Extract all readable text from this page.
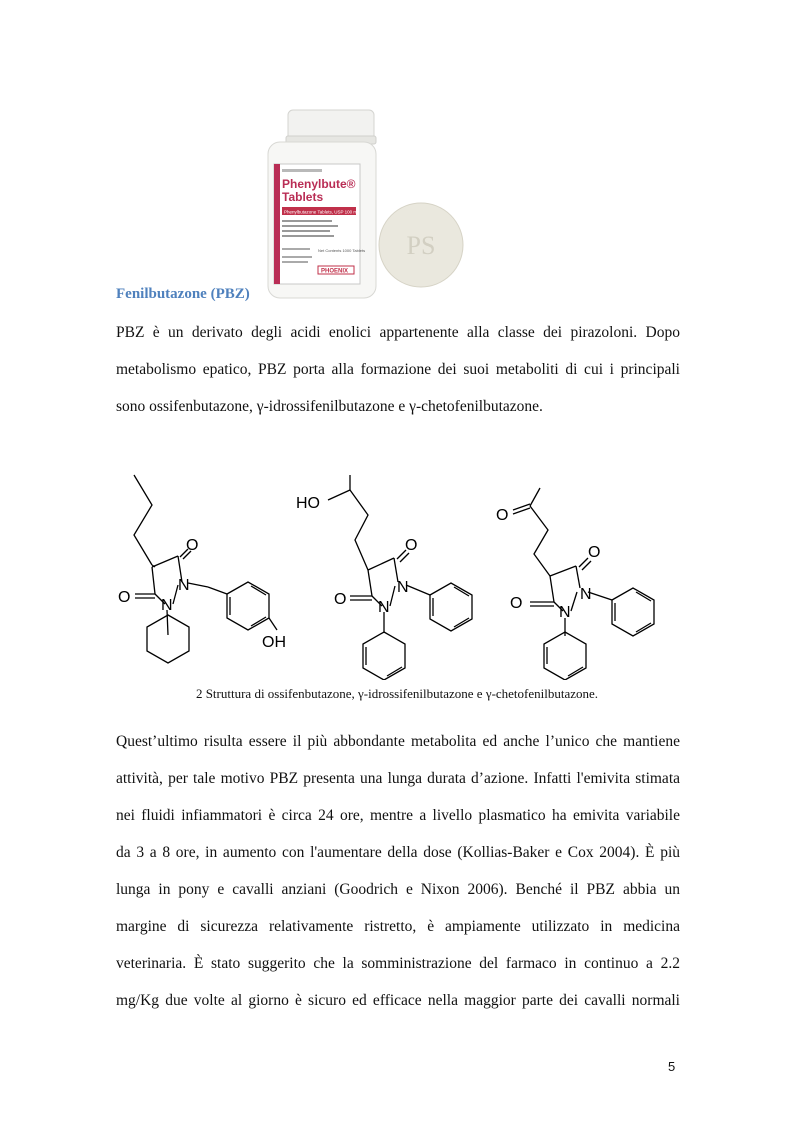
Phenylbute®
Tablets
Phenylbutazone Tablets, USP 100 mg
Net Contents 1000 Tablets
PHOENIX
PS
Fenilbutazone (PBZ)
PBZ è un derivato degli acidi enolici appartenente alla classe dei pirazoloni. Dopo
metabolismo epatico, PBZ porta alla formazione dei suoi metaboliti di cui i principali
sono ossifenbutazone, γ-idrossifenilbutazone e γ-chetofenilbutazone.
O
N
O N
OH
HO
O
N
O N
O
O
N
O
N
2 Struttura di ossifenbutazone, γ-idrossifenilbutazone e γ-chetofenilbutazone.
Quest’ultimo risulta essere il più abbondante metabolita ed anche l’unico che mantiene
attività, per tale motivo PBZ presenta una lunga durata d’azione. Infatti l'emivita stimata
nei fluidi infiammatori è circa 24 ore, mentre a livello plasmatico ha emivita variabile
da 3 a 8 ore, in aumento con l'aumentare della dose (Kollias-Baker e Cox 2004). È più
lunga in pony e cavalli anziani (Goodrich e Nixon 2006). Benché il PBZ abbia un
margine di sicurezza relativamente ristretto, è ampiamente utilizzato in medicina
veterinaria. È stato suggerito che la somministrazione del farmaco in continuo a 2.2
mg/Kg due volte al giorno è sicuro ed efficace nella maggior parte dei cavalli normali
5
